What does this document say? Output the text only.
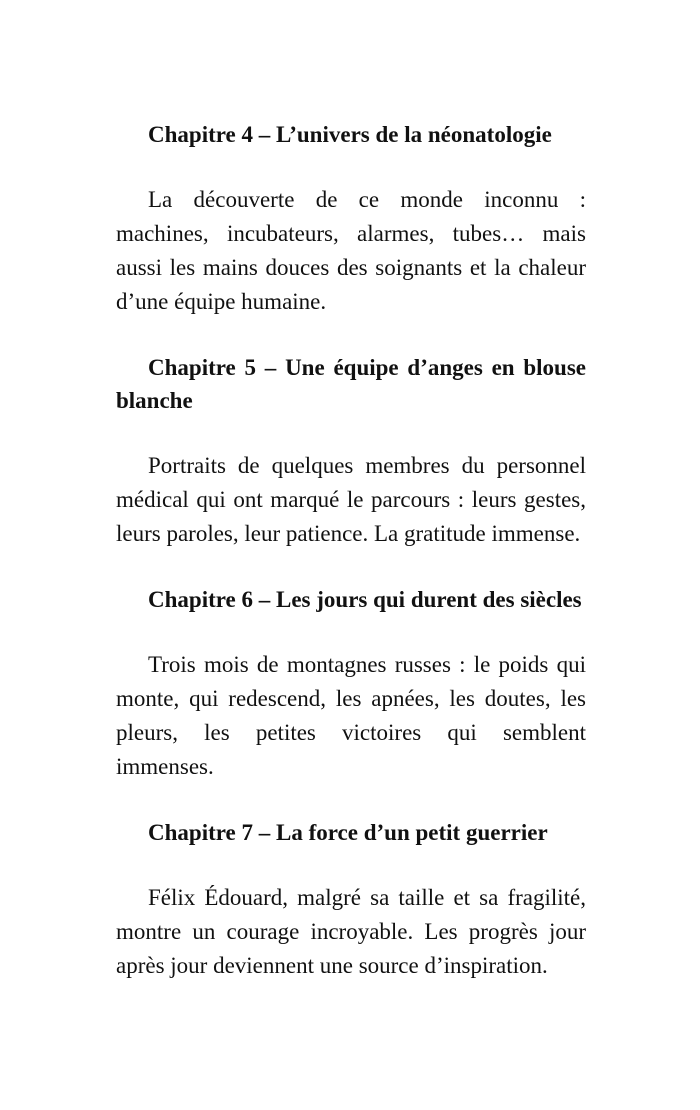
Chapitre 4 – L’univers de la néonatologie

La découverte de ce monde inconnu : machines, incubateurs, alarmes, tubes… mais aussi les mains douces des soignants et la chaleur d’une équipe humaine.

Chapitre 5 – Une équipe d’anges en blouse blanche

Portraits de quelques membres du personnel médical qui ont marqué le parcours : leurs gestes, leurs paroles, leur patience. La gratitude immense.

Chapitre 6 – Les jours qui durent des siècles

Trois mois de montagnes russes : le poids qui monte, qui redescend, les apnées, les doutes, les pleurs, les petites victoires qui semblent immenses.

Chapitre 7 – La force d’un petit guerrier

Félix Édouard, malgré sa taille et sa fragilité, montre un courage incroyable. Les progrès jour après jour deviennent une source d’inspiration.
